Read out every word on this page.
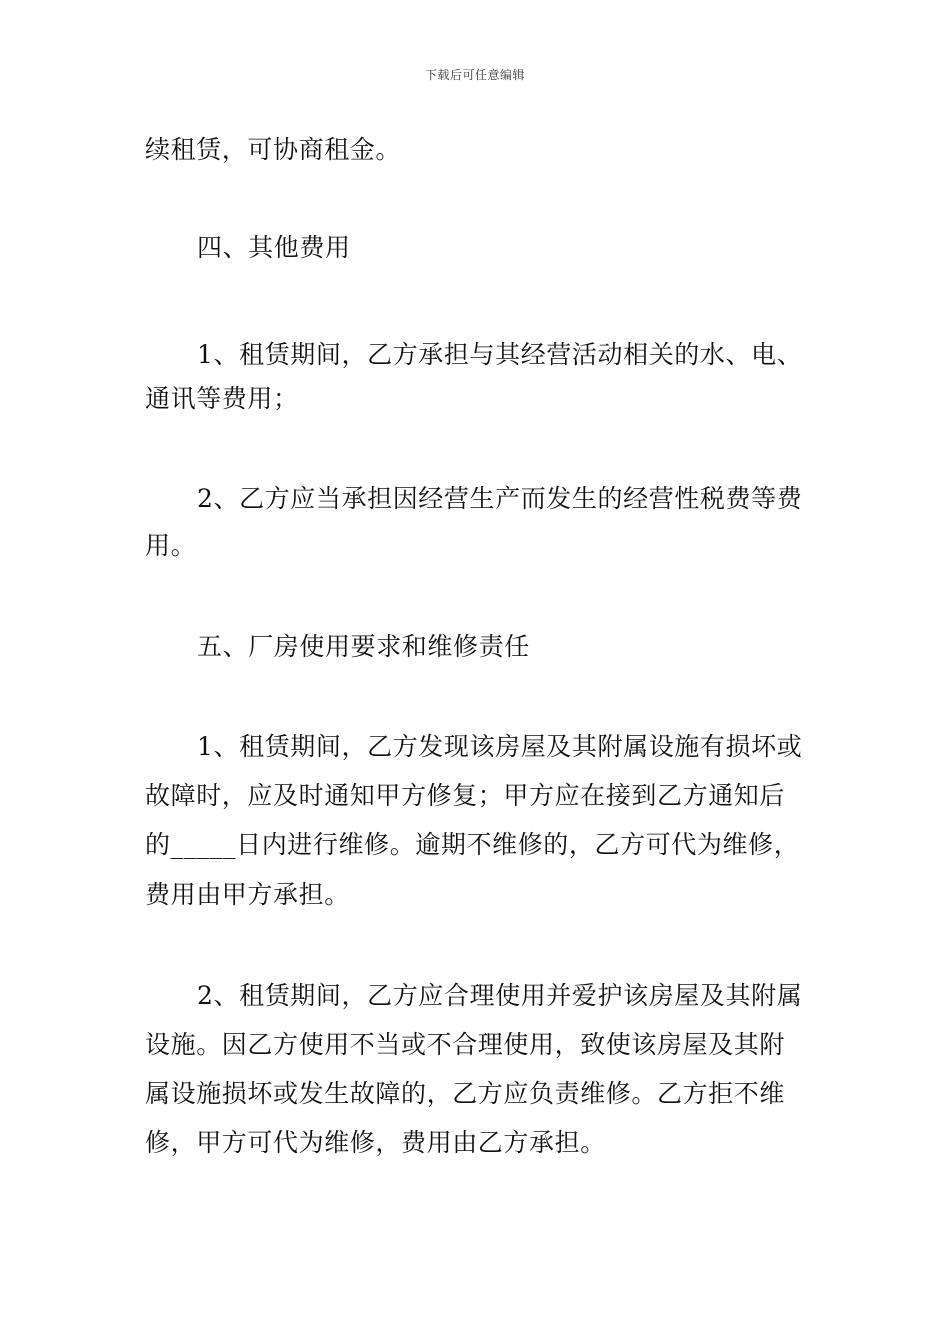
下载后可任意编辑
续租赁，可协商租金。
四、其他费用
1、租赁期间，乙方承担与其经营活动相关的水、电、
通讯等费用；
2、乙方应当承担因经营生产而发生的经营性税费等费
用。
五、厂房使用要求和维修责任
1、租赁期间，乙方发现该房屋及其附属设施有损坏或
故障时，应及时通知甲方修复；甲方应在接到乙方通知后
的_____日内进行维修。逾期不维修的，乙方可代为维修，
费用由甲方承担。
2、租赁期间，乙方应合理使用并爱护该房屋及其附属
设施。因乙方使用不当或不合理使用，致使该房屋及其附
属设施损坏或发生故障的，乙方应负责维修。乙方拒不维
修，甲方可代为维修，费用由乙方承担。
